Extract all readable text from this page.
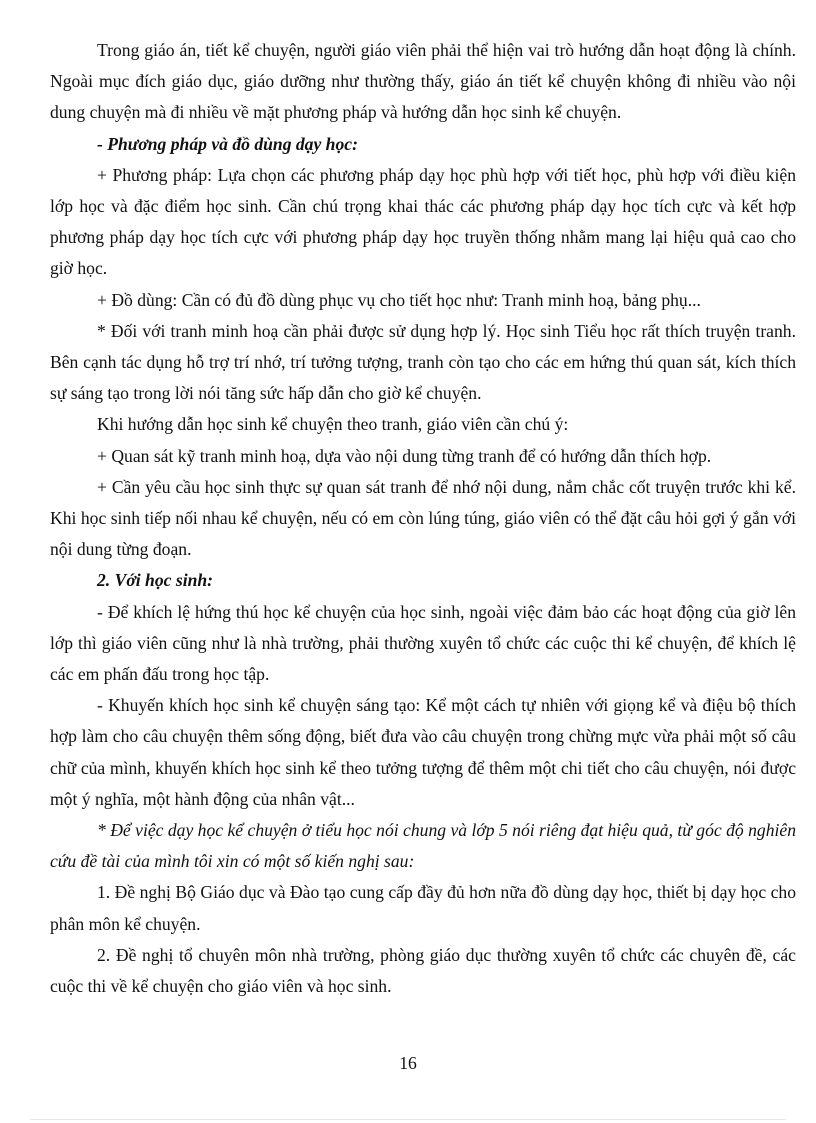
Trong giáo án, tiết kể chuyện, người giáo viên phải thể hiện vai trò hướng dẫn hoạt động là chính. Ngoài mục đích giáo dục, giáo dưỡng như thường thấy, giáo án tiết kể chuyện không đi nhiều vào nội dung chuyện mà đi nhiều về mặt phương pháp và hướng dẫn học sinh kể chuyện.

- Phương pháp và đồ dùng dạy học:

+ Phương pháp: Lựa chọn các phương pháp dạy học phù hợp với tiết học, phù hợp với điều kiện lớp học và đặc điểm học sinh. Cần chú trọng khai thác các phương pháp dạy học tích cực và kết hợp phương pháp dạy học tích cực với phương pháp dạy học truyền thống nhằm mang lại hiệu quả cao cho giờ học.

+ Đồ dùng: Cần có đủ đồ dùng phục vụ cho tiết học như: Tranh minh hoạ, bảng phụ...

* Đối với tranh minh hoạ cần phải được sử dụng hợp lý. Học sinh Tiểu học rất thích truyện tranh. Bên cạnh tác dụng hỗ trợ trí nhớ, trí tưởng tượng, tranh còn tạo cho các em hứng thú quan sát, kích thích sự sáng tạo trong lời nói tăng sức hấp dẫn cho giờ kể chuyện.

Khi hướng dẫn học sinh kể chuyện theo tranh, giáo viên cần chú ý:

+ Quan sát kỹ tranh minh hoạ, dựa vào nội dung từng tranh để có hướng dẫn thích hợp.

+ Cần yêu cầu học sinh thực sự quan sát tranh để nhớ nội dung, nắm chắc cốt truyện trước khi kể. Khi học sinh tiếp nối nhau kể chuyện, nếu có em còn lúng túng, giáo viên có thể đặt câu hỏi gợi ý gắn với nội dung từng đoạn.

2. Với học sinh:

- Để khích lệ hứng thú học kể chuyện của học sinh, ngoài việc đảm bảo các hoạt động của giờ lên lớp thì giáo viên cũng như là nhà trường, phải thường xuyên tổ chức các cuộc thi kể chuyện, để khích lệ các em phấn đấu trong học tập.

- Khuyến khích học sinh kể chuyện sáng tạo: Kể một cách tự nhiên với giọng kể và điệu bộ thích hợp làm cho câu chuyện thêm sống động, biết đưa vào câu chuyện trong chừng mực vừa phải một số câu chữ của mình, khuyến khích học sinh kể theo tưởng tượng để thêm một chi tiết cho câu chuyện, nói được một ý nghĩa, một hành động của nhân vật...

* Để việc dạy học kể chuyện ở tiểu học nói chung và lớp 5 nói riêng đạt hiệu quả, từ góc độ nghiên cứu đề tài của mình tôi xin có một số kiến nghị sau:

1. Đề nghị Bộ Giáo dục và Đào tạo cung cấp đầy đủ hơn nữa đồ dùng dạy học, thiết bị dạy học cho phân môn kể chuyện.

2. Đề nghị tổ chuyên môn nhà trường, phòng giáo dục thường xuyên tổ chức các chuyên đề, các cuộc thi về kể chuyện cho giáo viên và học sinh.

16
